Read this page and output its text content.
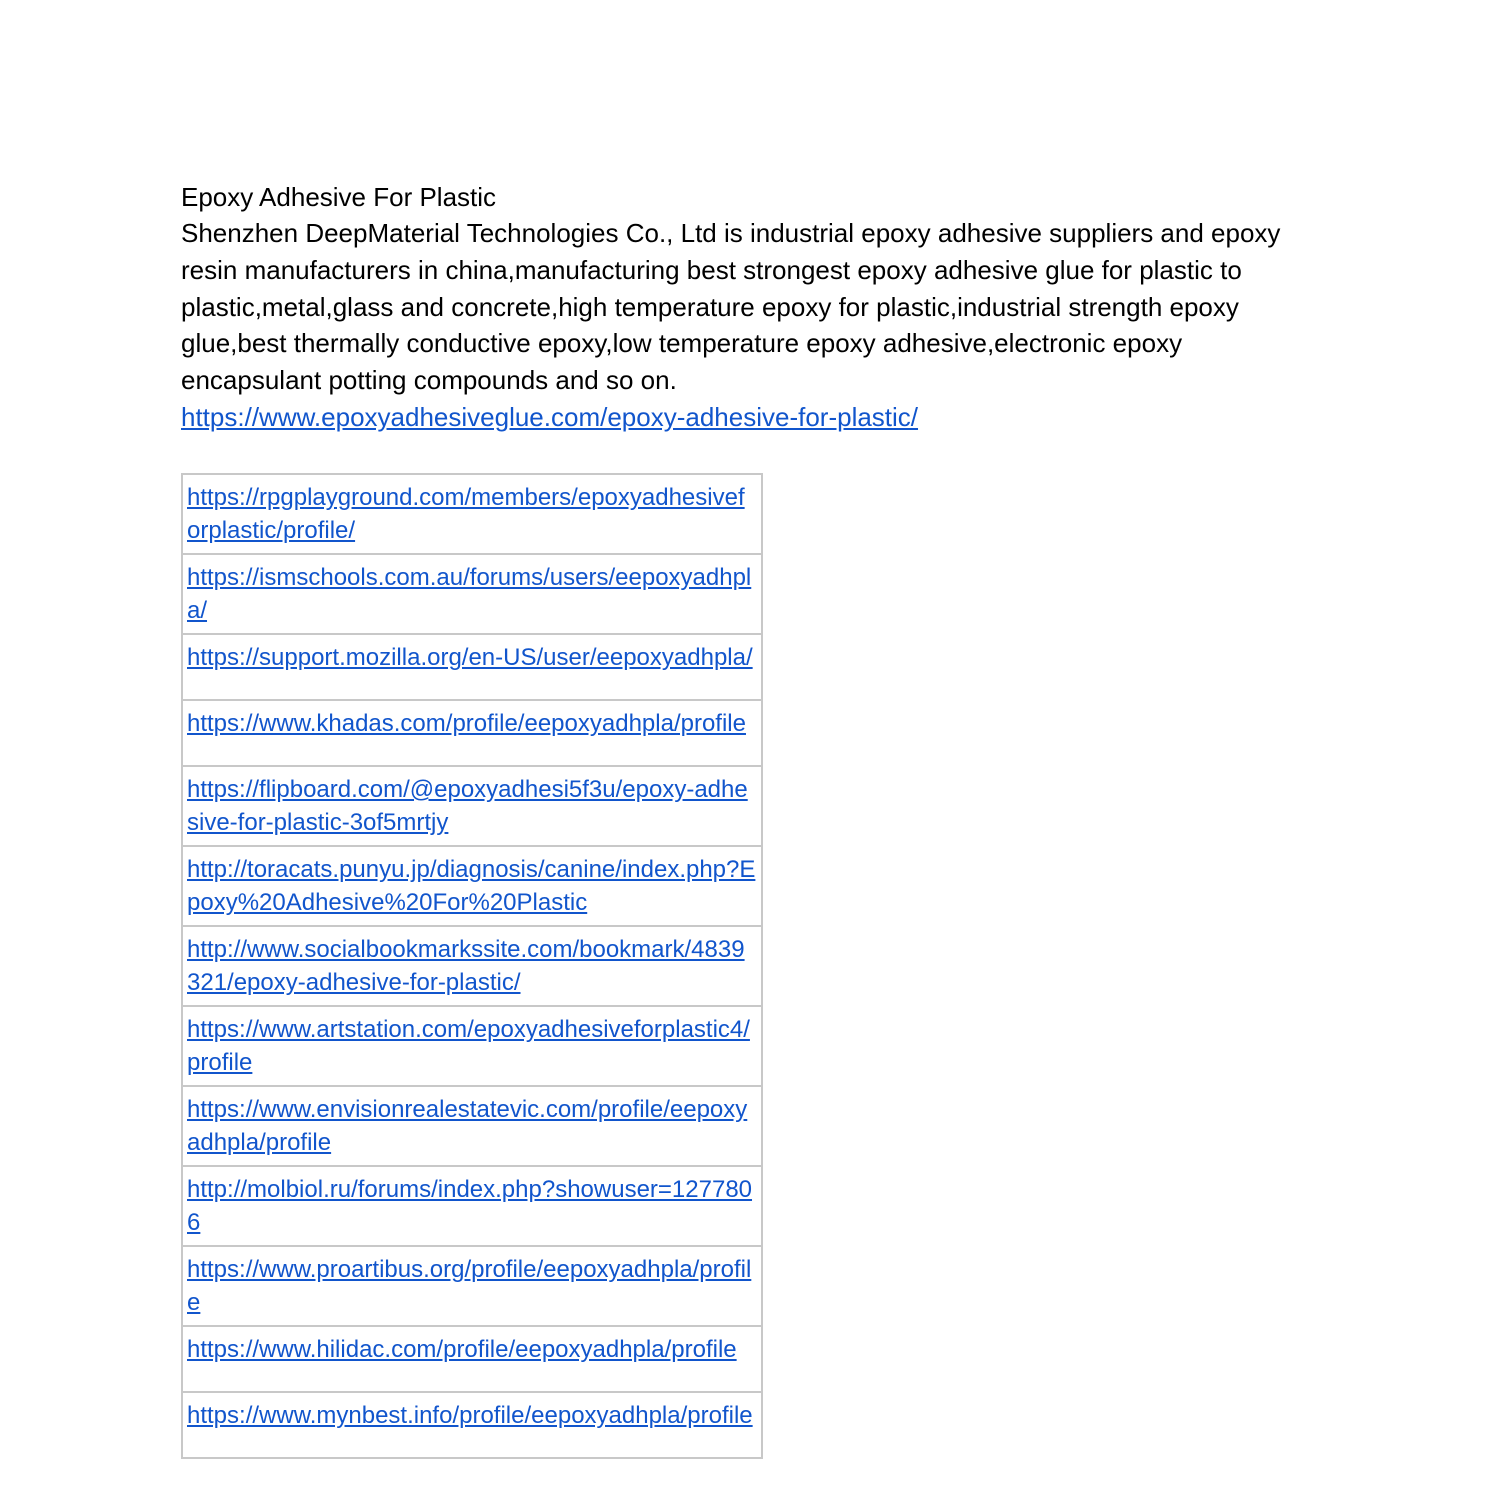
Epoxy Adhesive For Plastic

Shenzhen DeepMaterial Technologies Co., Ltd is industrial epoxy adhesive suppliers and epoxy resin manufacturers in china,manufacturing best strongest epoxy adhesive glue for plastic to plastic,metal,glass and concrete,high temperature epoxy for plastic,industrial strength epoxy glue,best thermally conductive epoxy,low temperature epoxy adhesive,electronic epoxy encapsulant potting compounds and so on.

https://www.epoxyadhesiveglue.com/epoxy-adhesive-for-plastic/
https://rpgplayground.com/members/epoxyadhesiveforplastic/profile/
https://ismschools.com.au/forums/users/eepoxyadhpla/
https://support.mozilla.org/en-US/user/eepoxyadhpla/
https://www.khadas.com/profile/eepoxyadhpla/profile
https://flipboard.com/@epoxyadhesi5f3u/epoxy-adhesive-for-plastic-3of5mrtjy
http://toracats.punyu.jp/diagnosis/canine/index.php?Epoxy%20Adhesive%20For%20Plastic
http://www.socialbookmarkssite.com/bookmark/4839321/epoxy-adhesive-for-plastic/
https://www.artstation.com/epoxyadhesiveforplastic4/profile
https://www.envisionrealestatevic.com/profile/eepoxyadhpla/profile
http://molbiol.ru/forums/index.php?showuser=1277806
https://www.proartibus.org/profile/eepoxyadhpla/profile
https://www.hilidac.com/profile/eepoxyadhpla/profile
https://www.mynbest.info/profile/eepoxyadhpla/profile
